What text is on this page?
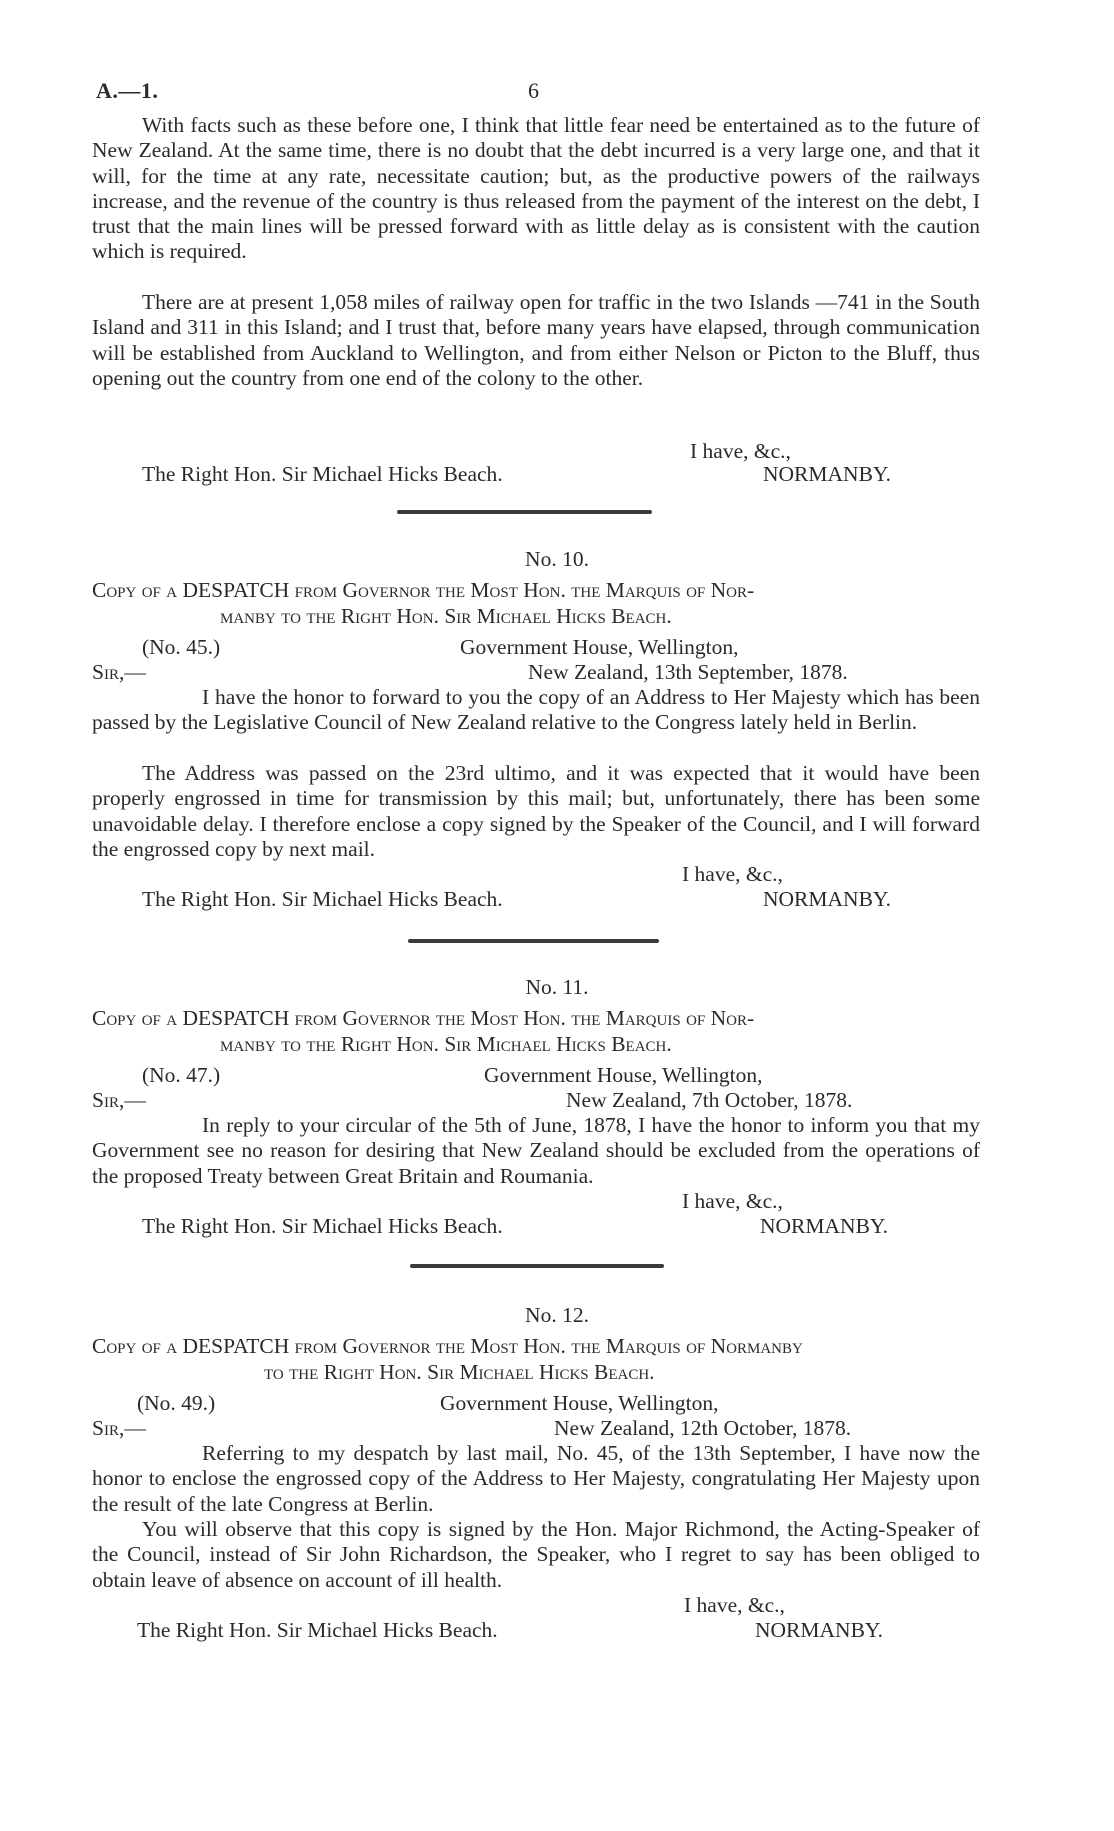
A.—1.	6

With facts such as these before one, I think that little fear need be entertained as to the future of New Zealand. At the same time, there is no doubt that the debt incurred is a very large one, and that it will, for the time at any rate, necessitate caution; but, as the productive powers of the railways increase, and the revenue of the country is thus released from the payment of the interest on the debt, I trust that the main lines will be pressed forward with as little delay as is consistent with the caution which is required.

There are at present 1,058 miles of railway open for traffic in the two Islands —741 in the South Island and 311 in this Island; and I trust that, before many years have elapsed, through communication will be established from Auckland to Wellington, and from either Nelson or Picton to the Bluff, thus opening out the country from one end of the colony to the other.

I have, &c.,
The Right Hon. Sir Michael Hicks Beach.	NORMANBY.
No. 10.
Copy of a DESPATCH from Governor the Most Hon. the Marquis of Nor-
manby to the Right Hon. Sir Michael Hicks Beach.
(No. 45.)	Government House, Wellington,
Sir,—	New Zealand, 13th September, 1878.

I have the honor to forward to you the copy of an Address to Her Majesty which has been passed by the Legislative Council of New Zealand relative to the Congress lately held in Berlin.

The Address was passed on the 23rd ultimo, and it was expected that it would have been properly engrossed in time for transmission by this mail; but, unfortunately, there has been some unavoidable delay. I therefore enclose a copy signed by the Speaker of the Council, and I will forward the engrossed copy by next mail.

I have, &c.,
The Right Hon. Sir Michael Hicks Beach.	NORMANBY.
No. 11.
Copy of a DESPATCH from Governor the Most Hon. the Marquis of Nor-
manby to the Right Hon. Sir Michael Hicks Beach.
(No. 47.)	Government House, Wellington,
Sir,—	New Zealand, 7th October, 1878.

In reply to your circular of the 5th of June, 1878, I have the honor to inform you that my Government see no reason for desiring that New Zealand should be excluded from the operations of the proposed Treaty between Great Britain and Roumania.

I have, &c.,
The Right Hon. Sir Michael Hicks Beach.	NORMANBY.
No. 12.
Copy of a DESPATCH from Governor the Most Hon. the Marquis of Normanby
to the Right Hon. Sir Michael Hicks Beach.
(No. 49.)	Government House, Wellington,
Sir,—	New Zealand, 12th October, 1878.

Referring to my despatch by last mail, No. 45, of the 13th September, I have now the honor to enclose the engrossed copy of the Address to Her Majesty, congratulating Her Majesty upon the result of the late Congress at Berlin.

You will observe that this copy is signed by the Hon. Major Richmond, the Acting-Speaker of the Council, instead of Sir John Richardson, the Speaker, who I regret to say has been obliged to obtain leave of absence on account of ill health.

I have, &c.,
The Right Hon. Sir Michael Hicks Beach.	NORMANBY.
